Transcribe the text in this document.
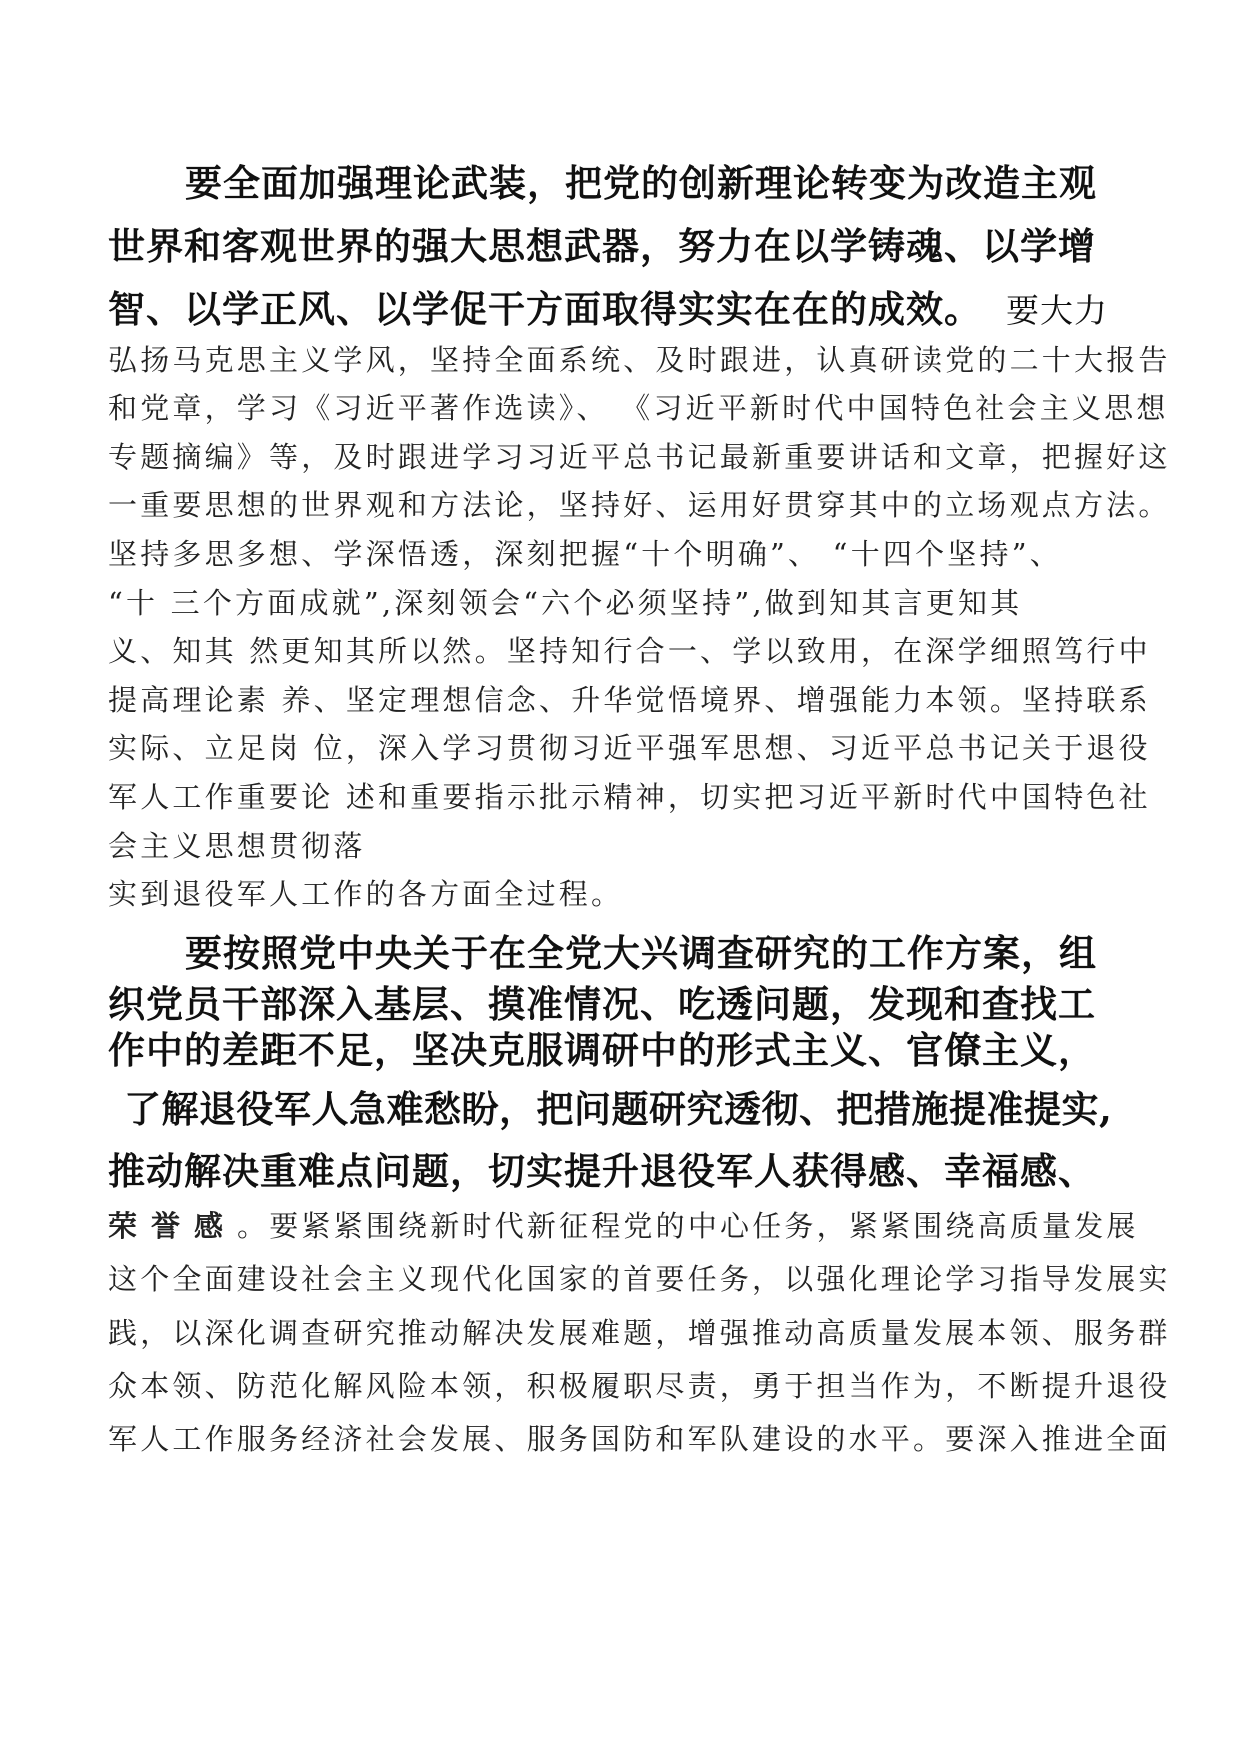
要全面加强理论武装，把党的创新理论转变为改造主观

世界和客观世界的强大思想武器，努力在以学铸魂、以学增

智、以学正风、以学促干方面取得实实在在的成效。 要大力

弘扬马克思主义学风，坚持全面系统、及时跟进，认真研读党的二十大报告

和党章，学习《习近平著作选读》、 《习近平新时代中国特色社会主义思想

专题摘编》等，及时跟进学习习近平总书记最新重要讲话和文章，把握好这

一重要思想的世界观和方法论，坚持好、运用好贯穿其中的立场观点方法。

坚持多思多想、学深悟透，深刻把握“十个明确”、 “十四个坚持”、

“十 三个方面成就”,深刻领会“六个必须坚持”,做到知其言更知其

义、知其 然更知其所以然。坚持知行合一、学以致用，在深学细照笃行中

提高理论素 养、坚定理想信念、升华觉悟境界、增强能力本领。坚持联系

实际、立足岗 位，深入学习贯彻习近平强军思想、习近平总书记关于退役

军人工作重要论 述和重要指示批示精神，切实把习近平新时代中国特色社

会主义思想贯彻落

实到退役军人工作的各方面全过程。

要按照党中央关于在全党大兴调查研究的工作方案，组

织党员干部深入基层、摸准情况、吃透问题，发现和查找工

作中的差距不足，坚决克服调研中的形式主义、官僚主义，

了解退役军人急难愁盼，把问题研究透彻、把措施提准提实,

推动解决重难点问题，切实提升退役军人获得感、幸福感、

荣誉感。要紧紧围绕新时代新征程党的中心任务，紧紧围绕高质量发展

这个全面建设社会主义现代化国家的首要任务，以强化理论学习指导发展实

践，以深化调查研究推动解决发展难题，增强推动高质量发展本领、服务群

众本领、防范化解风险本领，积极履职尽责，勇于担当作为，不断提升退役

军人工作服务经济社会发展、服务国防和军队建设的水平。要深入推进全面
